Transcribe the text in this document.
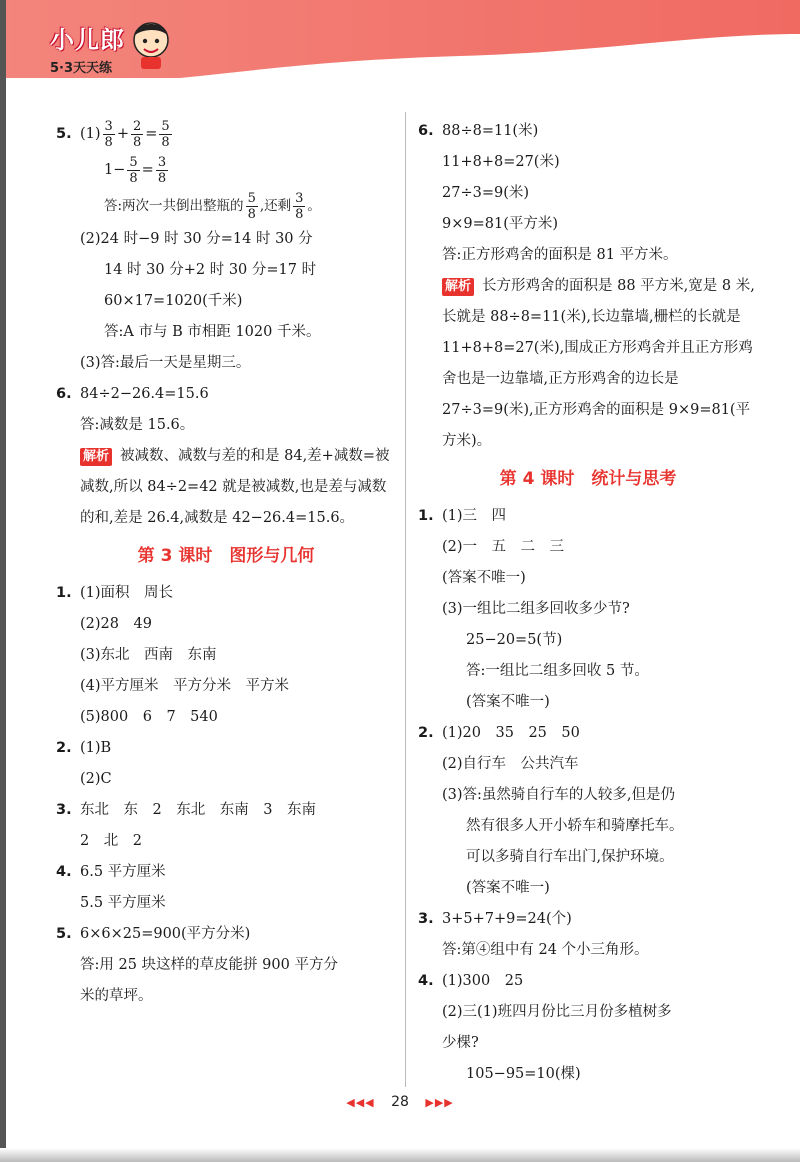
小儿郎
5·3天天练
5. $(1) \frac{3}{8} + \frac{2}{8} = \frac{5}{8}$
$1- \frac{5}{8} = \frac{3}{8}$
答:两次一共倒出整瓶的 $\frac{5}{8}$ ,还剩 $\frac{3}{8}$ 。
(2)24 时−9 时 30 分=14 时 30 分
14 时 30 分+2 时 30 分=17 时
60×17=1020(千米)
答:A 市与 B 市相距 1020 千米。
(3)答:最后一天是星期三。
6. 84÷2−26.4=15.6
答:减数是 15.6。
解析 被减数、减数与差的和是 84,差+减数=被减数,所以 84÷2=42 就是被减数,也是差与减数的和,差是 26.4,减数是 42−26.4=15.6。
第 3 课时　图形与几何
1. (1)面积　周长
(2)28　49
(3)东北　西南　东南
(4)平方厘米　平方分米　平方米
(5)800　6　7　540
2. (1)B
(2)C
3. 东北　东　2　东北　东南　3　东南
2　北　2
4. 6.5 平方厘米
5.5 平方厘米
5. 6×6×25=900(平方分米)
答:用 25 块这样的草皮能拼 900 平方分
米的草坪。
6. 88÷8=11(米)
11+8+8=27(米)
27÷3=9(米)
9×9=81(平方米)
答:正方形鸡舍的面积是 81 平方米。
解析 长方形鸡舍的面积是 88 平方米,宽是 8 米,长就是 88÷8=11(米),长边靠墙,栅栏的长就是 11+8+8=27(米),围成正方形鸡舍并且正方形鸡舍也是一边靠墙,正方形鸡舍的边长是 27÷3=9(米),正方形鸡舍的面积是 9×9=81(平方米)。
第 4 课时　统计与思考
1. (1)三　四
(2)一　五　二　三
(答案不唯一)
(3)一组比二组多回收多少节?
25−20=5(节)
答:一组比二组多回收 5 节。
(答案不唯一)
2. (1)20　35　25　50
(2)自行车　公共汽车
(3)答:虽然骑自行车的人较多,但是仍
然有很多人开小轿车和骑摩托车。
可以多骑自行车出门,保护环境。
(答案不唯一)
3. 3+5+7+9=24(个)
答:第④组中有 24 个小三角形。
4. (1)300　25
(2)三(1)班四月份比三月份多植树多
少棵?
105−95=10(棵)
◀◀◀ 28 ▶▶▶
